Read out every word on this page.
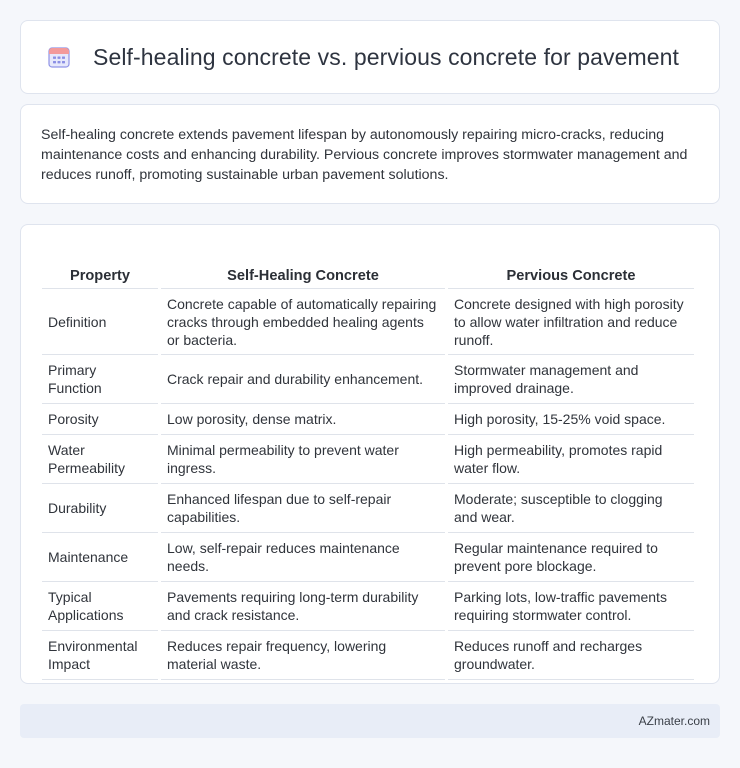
Self-healing concrete vs. pervious concrete for pavement

Self-healing concrete extends pavement lifespan by autonomously repairing micro-cracks, reducing maintenance costs and enhancing durability. Pervious concrete improves stormwater management and reduces runoff, promoting sustainable urban pavement solutions.

Property	Self-Healing Concrete	Pervious Concrete
Definition	Concrete capable of automatically repairing cracks through embedded healing agents or bacteria.	Concrete designed with high porosity to allow water infiltration and reduce runoff.
Primary Function	Crack repair and durability enhancement.	Stormwater management and improved drainage.
Porosity	Low porosity, dense matrix.	High porosity, 15-25% void space.
Water Permeability	Minimal permeability to prevent water ingress.	High permeability, promotes rapid water flow.
Durability	Enhanced lifespan due to self-repair capabilities.	Moderate; susceptible to clogging and wear.
Maintenance	Low, self-repair reduces maintenance needs.	Regular maintenance required to prevent pore blockage.
Typical Applications	Pavements requiring long-term durability and crack resistance.	Parking lots, low-traffic pavements requiring stormwater control.
Environmental Impact	Reduces repair frequency, lowering material waste.	Reduces runoff and recharges groundwater.
AZmater.com
